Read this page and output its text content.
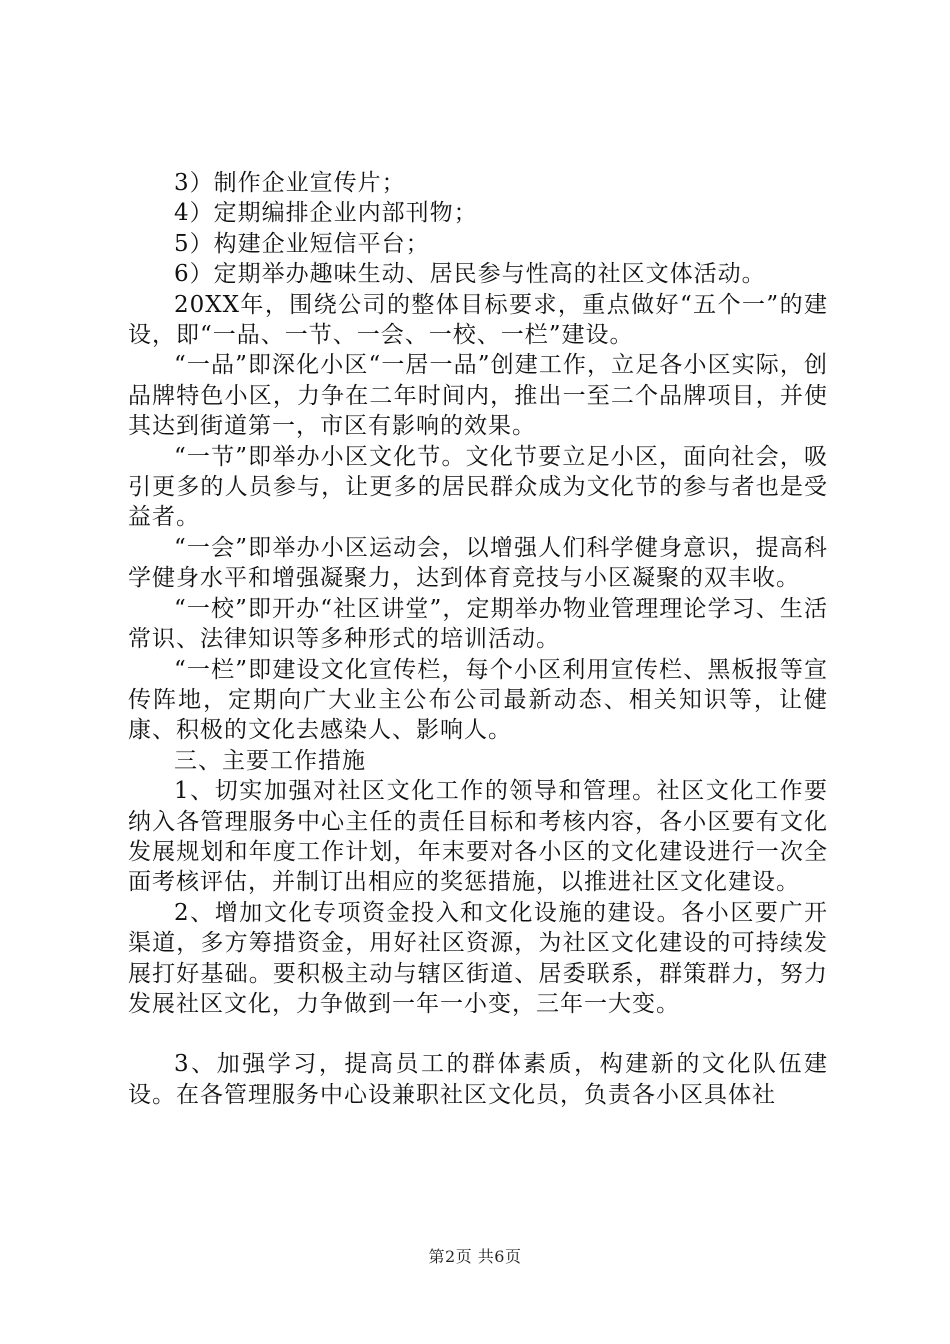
3）制作企业宣传片；

4）定期编排企业内部刊物；

5）构建企业短信平台；

6）定期举办趣味生动、居民参与性高的社区文体活动。

20XX年，围绕公司的整体目标要求，重点做好“五个一”的建设，即“一品、一节、一会、一校、一栏”建设。

“一品”即深化小区“一居一品”创建工作，立足各小区实际，创品牌特色小区，力争在二年时间内，推出一至二个品牌项目，并使其达到街道第一，市区有影响的效果。

“一节”即举办小区文化节。文化节要立足小区，面向社会，吸引更多的人员参与，让更多的居民群众成为文化节的参与者也是受益者。

“一会”即举办小区运动会，以增强人们科学健身意识，提高科学健身水平和增强凝聚力，达到体育竞技与小区凝聚的双丰收。

“一校”即开办“社区讲堂”，定期举办物业管理理论学习、生活常识、法律知识等多种形式的培训活动。

“一栏”即建设文化宣传栏，每个小区利用宣传栏、黑板报等宣传阵地，定期向广大业主公布公司最新动态、相关知识等，让健康、积极的文化去感染人、影响人。

三、主要工作措施

1、切实加强对社区文化工作的领导和管理。社区文化工作要纳入各管理服务中心主任的责任目标和考核内容，各小区要有文化发展规划和年度工作计划，年末要对各小区的文化建设进行一次全面考核评估，并制订出相应的奖惩措施，以推进社区文化建设。

2、增加文化专项资金投入和文化设施的建设。各小区要广开渠道，多方筹措资金，用好社区资源，为社区文化建设的可持续发展打好基础。要积极主动与辖区街道、居委联系，群策群力，努力发展社区文化，力争做到一年一小变，三年一大变。

3、加强学习，提高员工的群体素质，构建新的文化队伍建设。在各管理服务中心设兼职社区文化员，负责各小区具体社

第2页 共6页
